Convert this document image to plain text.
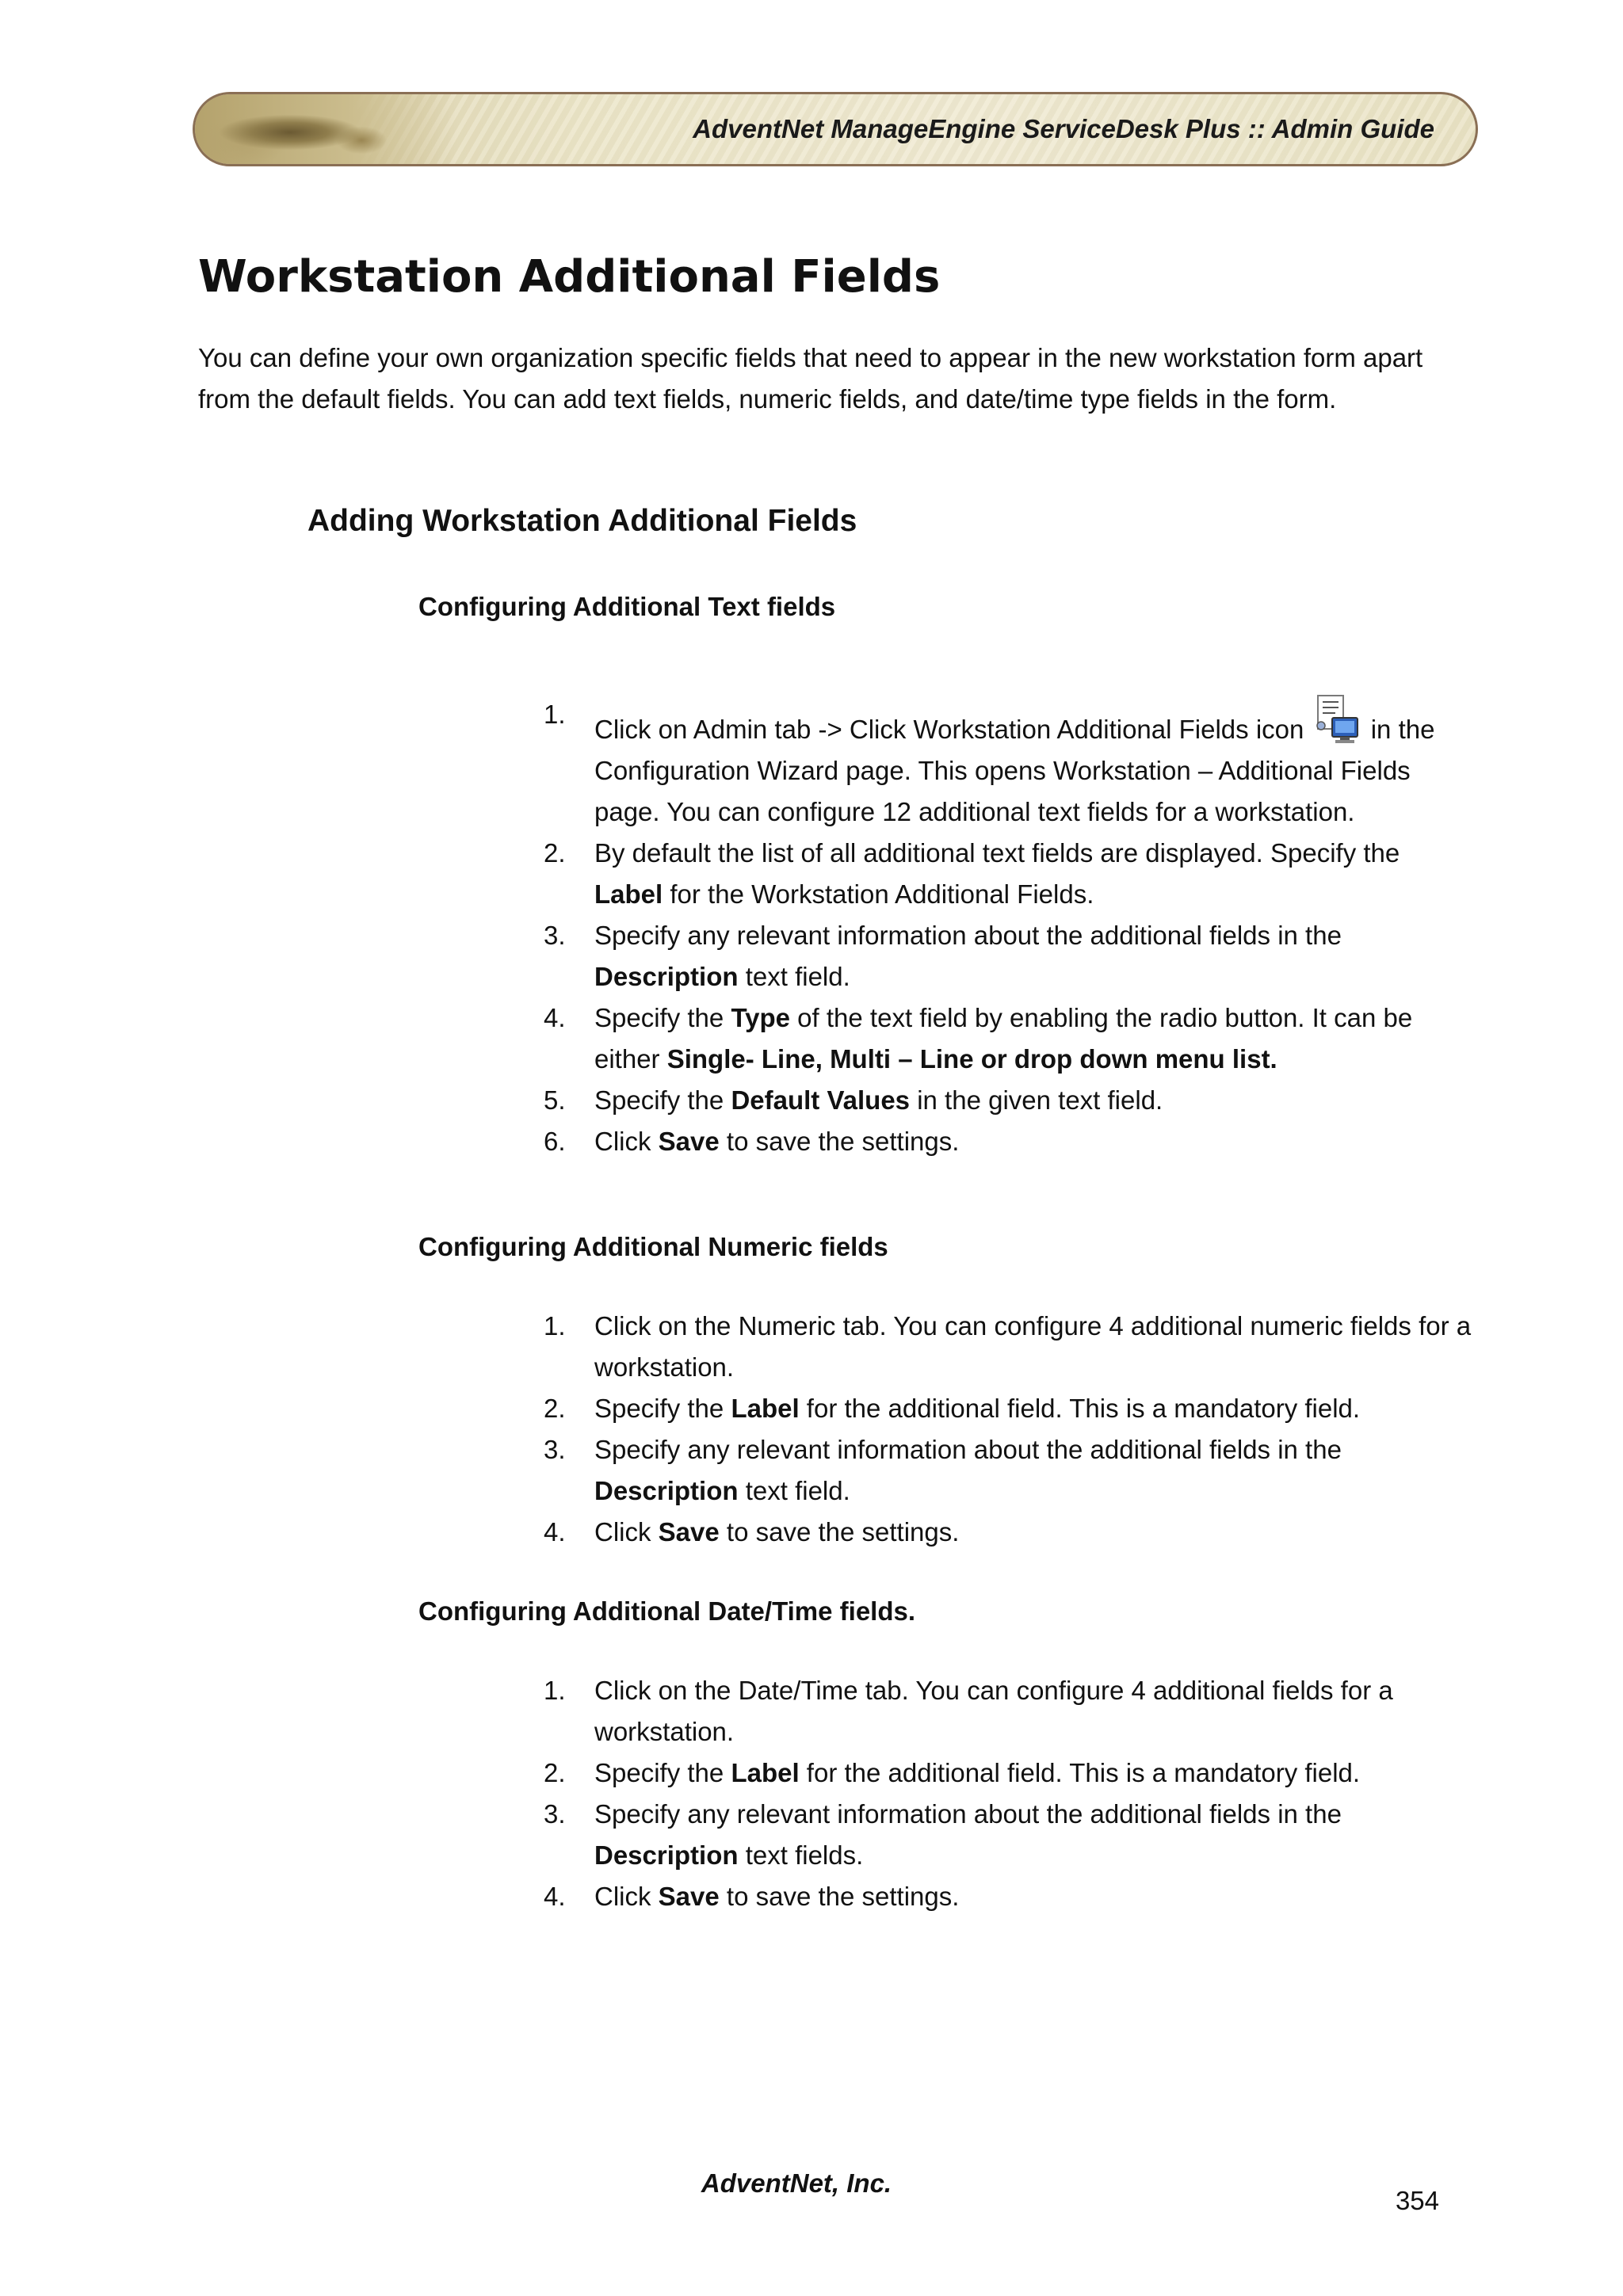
AdventNet ManageEngine ServiceDesk Plus :: Admin Guide
Workstation Additional Fields

You can define your own organization specific fields that need to appear in the new workstation form apart from the default fields. You can add text fields, numeric fields, and date/time type fields in the form.

Adding Workstation Additional Fields
Configuring Additional Text fields
1.
Click on Admin tab -> Click Workstation Additional Fields icon	in the Configuration Wizard page. This opens Workstation – Additional Fields page. You can configure 12 additional text fields for a workstation.
2. By default the list of all additional text fields are displayed. Specify the Label for the Workstation Additional Fields.
3. Specify any relevant information about the additional fields in the Description text field.
4. Specify the Type of the text field by enabling the radio button. It can be either Single- Line, Multi – Line or drop down menu list.
5. Specify the Default Values in the given text field.
6. Click Save to save the settings.
Configuring Additional Numeric fields
1. Click on the Numeric tab. You can configure 4 additional numeric fields for a workstation.
2. Specify the Label for the additional field. This is a mandatory field.
3. Specify any relevant information about the additional fields in the Description text field.
4. Click Save to save the settings.
Configuring Additional Date/Time fields.
1. Click on the Date/Time tab. You can configure 4 additional fields for a workstation.
2. Specify the Label for the additional field. This is a mandatory field.
3. Specify any relevant information about the additional fields in the Description text fields.
4. Click Save to save the settings.
AdventNet, Inc.
354
